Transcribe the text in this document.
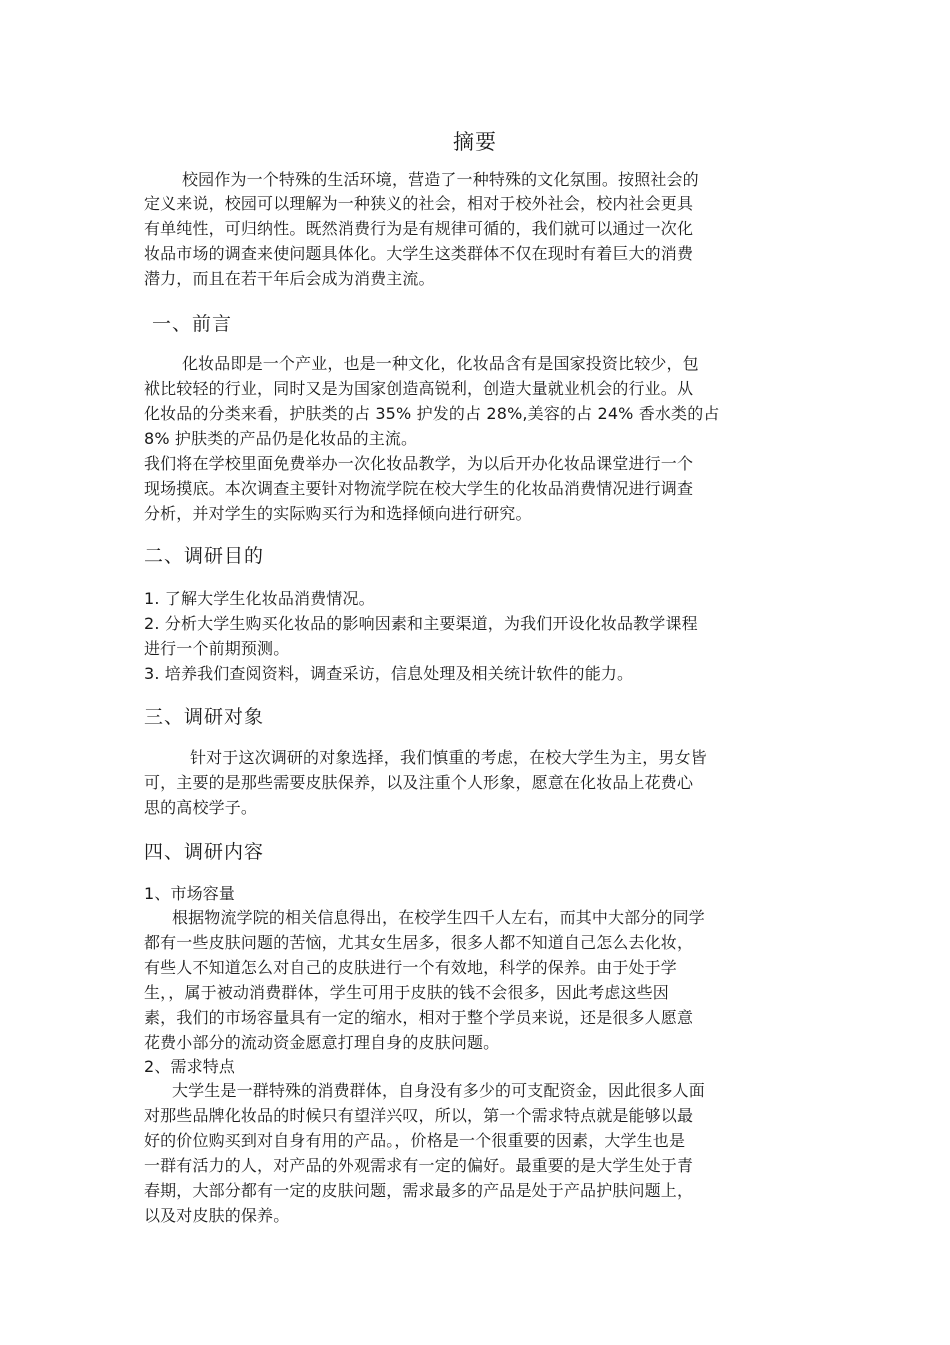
摘要
校园作为一个特殊的生活环境，营造了一种特殊的文化氛围。按照社会的
定义来说，校园可以理解为一种狭义的社会，相对于校外社会，校内社会更具
有单纯性，可归纳性。既然消费行为是有规律可循的，我们就可以通过一次化
妆品市场的调查来使问题具体化。大学生这类群体不仅在现时有着巨大的消费
潜力，而且在若干年后会成为消费主流。
一、前言
化妆品即是一个产业，也是一种文化，化妆品含有是国家投资比较少，包
袱比较轻的行业，同时又是为国家创造高锐利，创造大量就业机会的行业。从
化妆品的分类来看，护肤类的占 35% 护发的占 28%,美容的占 24% 香水类的占
8% 护肤类的产品仍是化妆品的主流。
我们将在学校里面免费举办一次化妆品教学，为以后开办化妆品课堂进行一个
现场摸底。本次调查主要针对物流学院在校大学生的化妆品消费情况进行调查
分析，并对学生的实际购买行为和选择倾向进行研究。
二、调研目的
1. 了解大学生化妆品消费情况。
2. 分析大学生购买化妆品的影响因素和主要渠道，为我们开设化妆品教学课程
进行一个前期预测。
3. 培养我们查阅资料，调查采访，信息处理及相关统计软件的能力。
三、调研对象
针对于这次调研的对象选择，我们慎重的考虑，在校大学生为主，男女皆
可，主要的是那些需要皮肤保养，以及注重个人形象，愿意在化妆品上花费心
思的高校学子。
四、调研内容
1、市场容量
根据物流学院的相关信息得出，在校学生四千人左右，而其中大部分的同学
都有一些皮肤问题的苦恼，尤其女生居多，很多人都不知道自己怎么去化妆，
有些人不知道怎么对自己的皮肤进行一个有效地，科学的保养。由于处于学
生，，属于被动消费群体，学生可用于皮肤的钱不会很多，因此考虑这些因
素，我们的市场容量具有一定的缩水，相对于整个学员来说，还是很多人愿意
花费小部分的流动资金愿意打理自身的皮肤问题。
2、需求特点
大学生是一群特殊的消费群体，自身没有多少的可支配资金，因此很多人面
对那些品牌化妆品的时候只有望洋兴叹，所以，第一个需求特点就是能够以最
好的价位购买到对自身有用的产品。，价格是一个很重要的因素，大学生也是
一群有活力的人，对产品的外观需求有一定的偏好。最重要的是大学生处于青
春期，大部分都有一定的皮肤问题，需求最多的产品是处于产品护肤问题上，
以及对皮肤的保养。
